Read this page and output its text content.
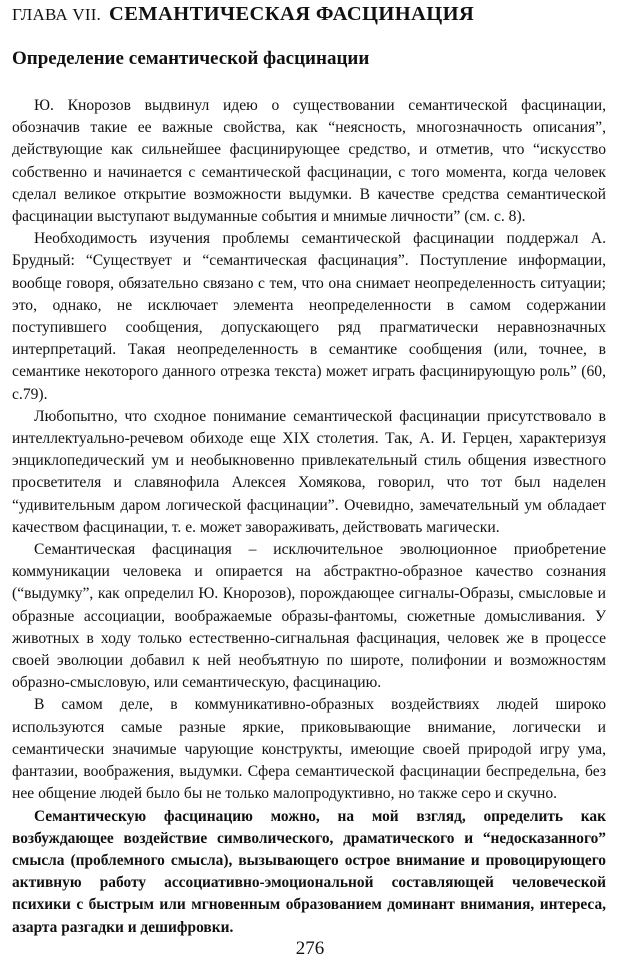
ГЛАВА VII. СЕМАНТИЧЕСКАЯ ФАСЦИНАЦИЯ
Определение семантической фасцинации

Ю. Кнорозов выдвинул идею о существовании семантической фасцинации, обозначив такие ее важные свойства, как “неясность, многозначность описания”, действующие как сильнейшее фасцинирующее средство, и отметив, что “искусство собственно и начинается с семантической фасцинации, с того момента, когда человек сделал великое открытие возможности выдумки. В качестве средства семантической фасцинации выступают выдуманные события и мнимые личности” (см. с. 8).

Необходимость изучения проблемы семантической фасцинации поддержал А. Брудный: “Существует и “семантическая фасцинация”. Поступление информации, вообще говоря, обязательно связано с тем, что она снимает неопределенность ситуации; это, однако, не исключает элемента неопределенности в самом содержании поступившего сообщения, допускающего ряд прагматически неравнозначных интерпретаций. Такая неопределенность в семантике сообщения (или, точнее, в семантике некоторого данного отрезка текста) может играть фасцинирующую роль” (60, с.79).

Любопытно, что сходное понимание семантической фасцинации присутствовало в интеллектуально-речевом обиходе еще XIX столетия. Так, А. И. Герцен, характеризуя энциклопедический ум и необыкновенно привлекательный стиль общения известного просветителя и славянофила Алексея Хомякова, говорил, что тот был наделен “удивительным даром логической фасцинации”. Очевидно, замечательный ум обладает качеством фасцинации, т. е. может завораживать, действовать магически.

Семантическая фасцинация – исключительное эволюционное приобретение коммуникации человека и опирается на абстрактно-образное качество сознания (“выдумку”, как определил Ю. Кнорозов), порождающее сигналы-Образы, смысловые и образные ассоциации, воображаемые образы-фантомы, сюжетные домысливания. У животных в ходу только естественно-сигнальная фасцинация, человек же в процессе своей эволюции добавил к ней необъятную по широте, полифонии и возможностям образно-смысловую, или семантическую, фасцинацию.

В самом деле, в коммуникативно-образных воздействиях людей широко используются самые разные яркие, приковывающие внимание, логически и семантически значимые чарующие конструкты, имеющие своей природой игру ума, фантазии, воображения, выдумки. Сфера семантической фасцинации беспредельна, без нее общение людей было бы не только малопродуктивно, но также серо и скучно.

Семантическую фасцинацию можно, на мой взгляд, определить как возбуждающее воздействие символического, драматического и “недосказанного” смысла (проблемного смысла), вызывающего острое внимание и провоцирующего активную работу ассоциативно-эмоциональной составляющей человеческой психики с быстрым или мгновенным образованием доминант внимания, интереса, азарта разгадки и дешифровки.

276
